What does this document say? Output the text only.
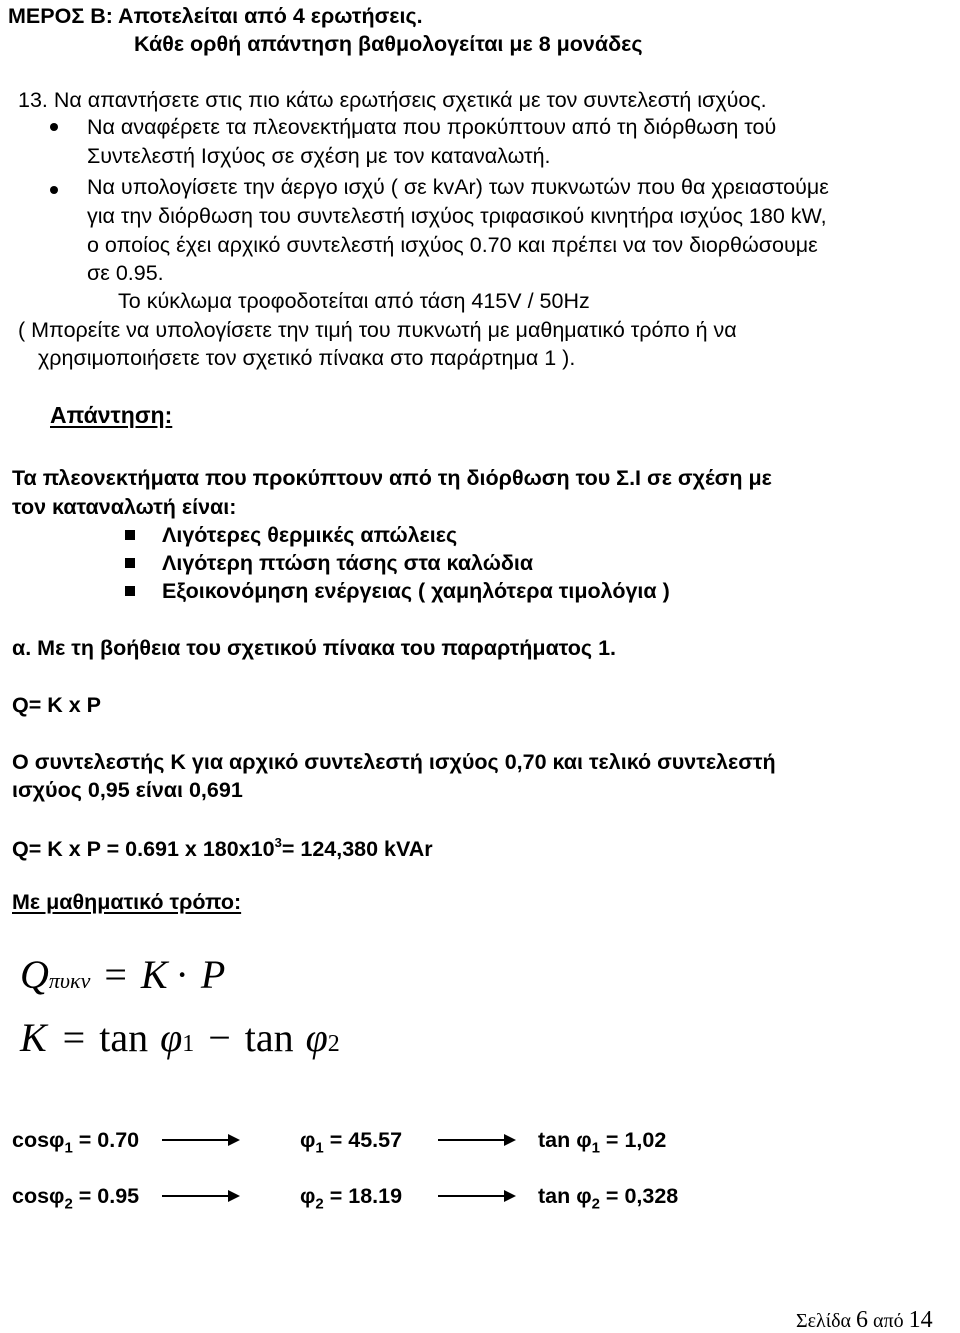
ΜΕΡΟΣ Β: Αποτελείται από 4 ερωτήσεις.
Κάθε ορθή απάντηση βαθμολογείται με 8 μονάδες
13. Να απαντήσετε στις πιο κάτω ερωτήσεις σχετικά με τον συντελεστή ισχύος.
Να αναφέρετε τα πλεονεκτήματα που προκύπτουν από τη διόρθωση τού
Συντελεστή Ισχύος σε σχέση με τον καταναλωτή.
Να υπολογίσετε την άεργο ισχύ ( σε kvAr) των πυκνωτών που θα χρειαστούμε
για την διόρθωση του συντελεστή ισχύος τριφασικού κινητήρα ισχύος 180 kW,
ο οποίος έχει αρχικό συντελεστή ισχύος 0.70 και πρέπει να τον διορθώσουμε
σε 0.95.
Το κύκλωμα τροφοδοτείται από τάση 415V / 50Hz
( Μπορείτε να υπολογίσετε την τιμή του πυκνωτή με μαθηματικό τρόπο ή να
χρησιμοποιήσετε τον σχετικό πίνακα στο παράρτημα 1 ).
Απάντηση:
Τα πλεονεκτήματα που προκύπτουν από τη διόρθωση του Σ.Ι σε σχέση με
τον καταναλωτή είναι:
Λιγότερες θερμικές απώλειες
Λιγότερη πτώση τάσης στα καλώδια
Εξοικονόμηση ενέργειας ( χαμηλότερα τιμολόγια )
α. Με τη βοήθεια του σχετικού πίνακα του παραρτήματος 1.
Q= K x P
Ο συντελεστής Κ για αρχικό συντελεστή ισχύος 0,70 και τελικό συντελεστή
ισχύος 0,95 είναι 0,691
Q= K x P = 0.691 x $180x10^3= 124,380$ kVAr
Με μαθηματικό τρόπο:
Qπυκν = K · P
K = tan φ1 − tan φ2
cosφ$_1$ = 0.70	$\varphi_1 = 45.57$	$\tan \varphi_1 = 1,02$
cosφ$_2$ = 0.95	$\varphi_2 = 18.19$	$\tan \varphi_2 = 0,328$
Σελίδα 6 από 14
